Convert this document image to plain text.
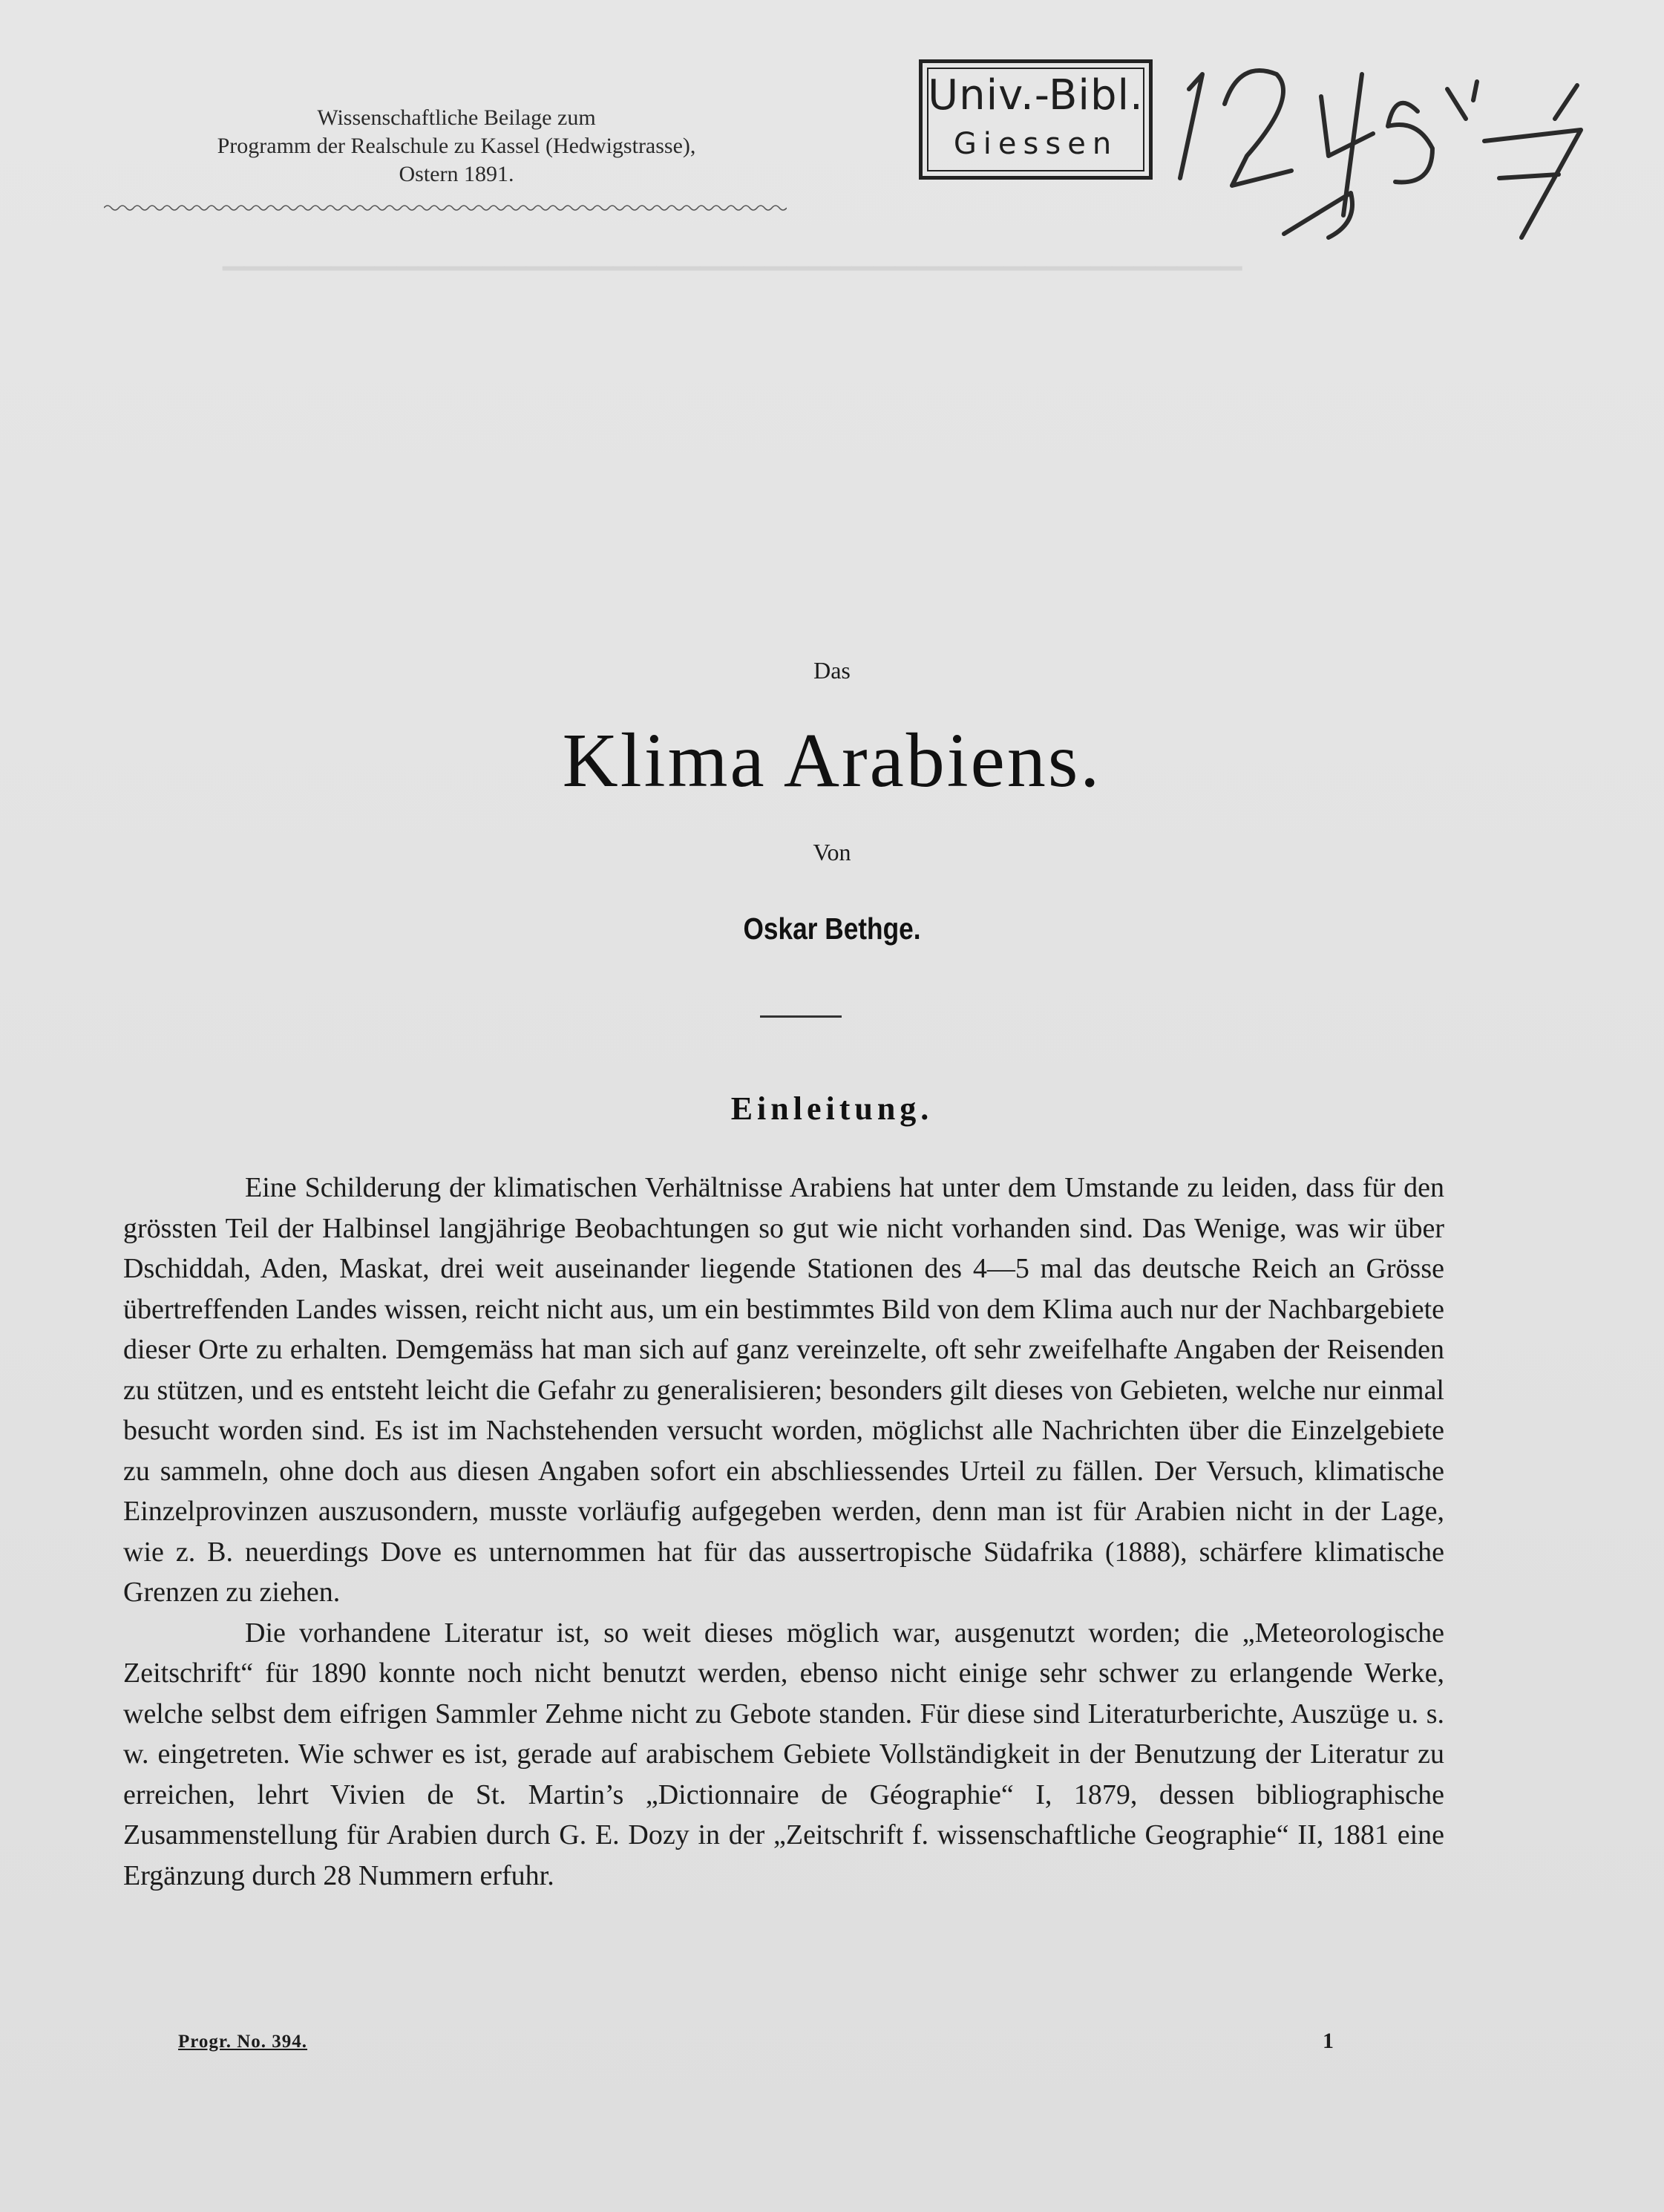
▁▁▁▁▁▁▁▁▁▁▁▁▁▁▁▁▁▁▁▁▁▁▁▁▁▁▁▁▁▁▁▁▁▁▁▁▁▁▁▁▁▁▁▁▁▁▁
Wissenschaftliche Beilage zum
Programm der Realschule zu Kassel (Hedwigstrasse),
Ostern 1891.
Univ.-Bibl.
Giessen
Das
Klima Arabiens.
Von
Oskar Bethge.
Einleitung.

Eine Schilderung der klimatischen Verhältnisse Arabiens hat unter dem Umstande zu leiden, dass für den grössten Teil der Halbinsel langjährige Beobachtungen so gut wie nicht vorhanden sind. Das Wenige, was wir über Dschiddah, Aden, Maskat, drei weit auseinander liegende Stationen des 4—5 mal das deutsche Reich an Grösse übertreffenden Landes wissen, reicht nicht aus, um ein bestimmtes Bild von dem Klima auch nur der Nachbargebiete dieser Orte zu erhalten. Demgemäss hat man sich auf ganz vereinzelte, oft sehr zweifelhafte Angaben der Reisenden zu stützen, und es entsteht leicht die Gefahr zu generalisieren; besonders gilt dieses von Gebieten, welche nur einmal besucht worden sind. Es ist im Nachstehenden versucht worden, möglichst alle Nachrichten über die Einzelgebiete zu sammeln, ohne doch aus diesen Angaben sofort ein abschliessendes Urteil zu fällen. Der Versuch, klimatische Einzelprovinzen auszusondern, musste vorläufig aufgegeben werden, denn man ist für Arabien nicht in der Lage, wie z. B. neuerdings Dove es unternommen hat für das aussertropische Südafrika (1888), schärfere klimatische Grenzen zu ziehen.

Die vorhandene Literatur ist, so weit dieses möglich war, ausgenutzt worden; die „Meteorologische Zeitschrift“ für 1890 konnte noch nicht benutzt werden, ebenso nicht einige sehr schwer zu erlangende Werke, welche selbst dem eifrigen Sammler Zehme nicht zu Gebote standen. Für diese sind Literaturberichte, Auszüge u. s. w. eingetreten. Wie schwer es ist, gerade auf arabischem Gebiete Vollständigkeit in der Benutzung der Literatur zu erreichen, lehrt Vivien de St. Martin’s „Dictionnaire de Géographie“ I, 1879, dessen bibliographische Zusammenstellung für Arabien durch G. E. Dozy in der „Zeitschrift f. wissenschaftliche Geographie“ II, 1881 eine Ergänzung durch 28 Nummern erfuhr.

Progr. No. 394.	1
